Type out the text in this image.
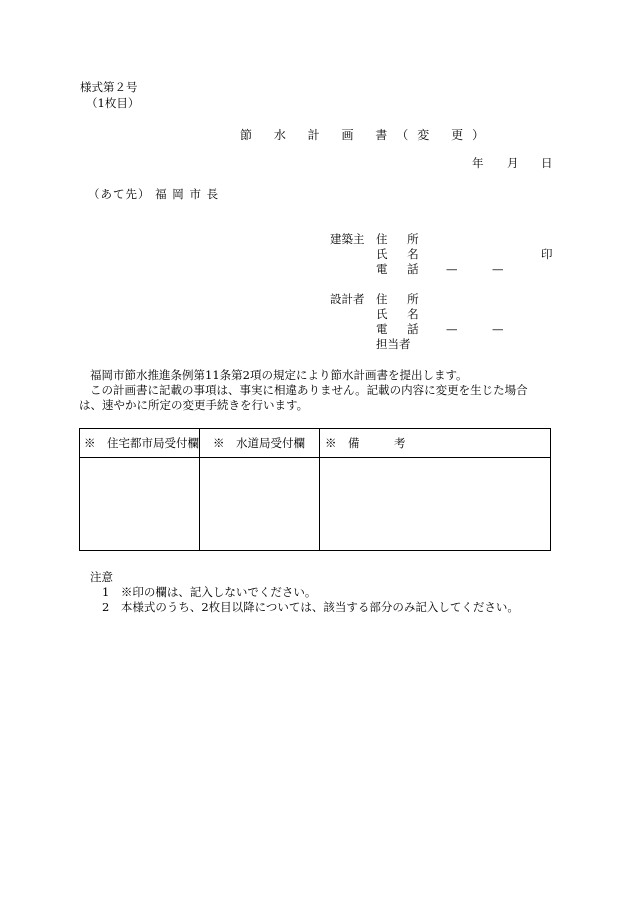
様式第２号
（1枚目）
節 水 計 画 書（変 更）
年 月 日
（あて先） 福 岡 市 長
建築主 住 所
氏 名	印
電 話 —	—
設計者 住 所
氏 名
電 話 —	—
担当者
福岡市節水推進条例第11条第2項の規定により節水計画書を提出します。
この計画書に記載の事項は、事実に相違ありません。記載の内容に変更を生じた場合
は、速やかに所定の変更手続きを行います。
※　住宅都市局受付欄 ※　水道局受付欄 ※　備　　　考
注意
1　※印の欄は、記入しないでください。
2　本様式のうち、2枚目以降については、該当する部分のみ記入してください。
